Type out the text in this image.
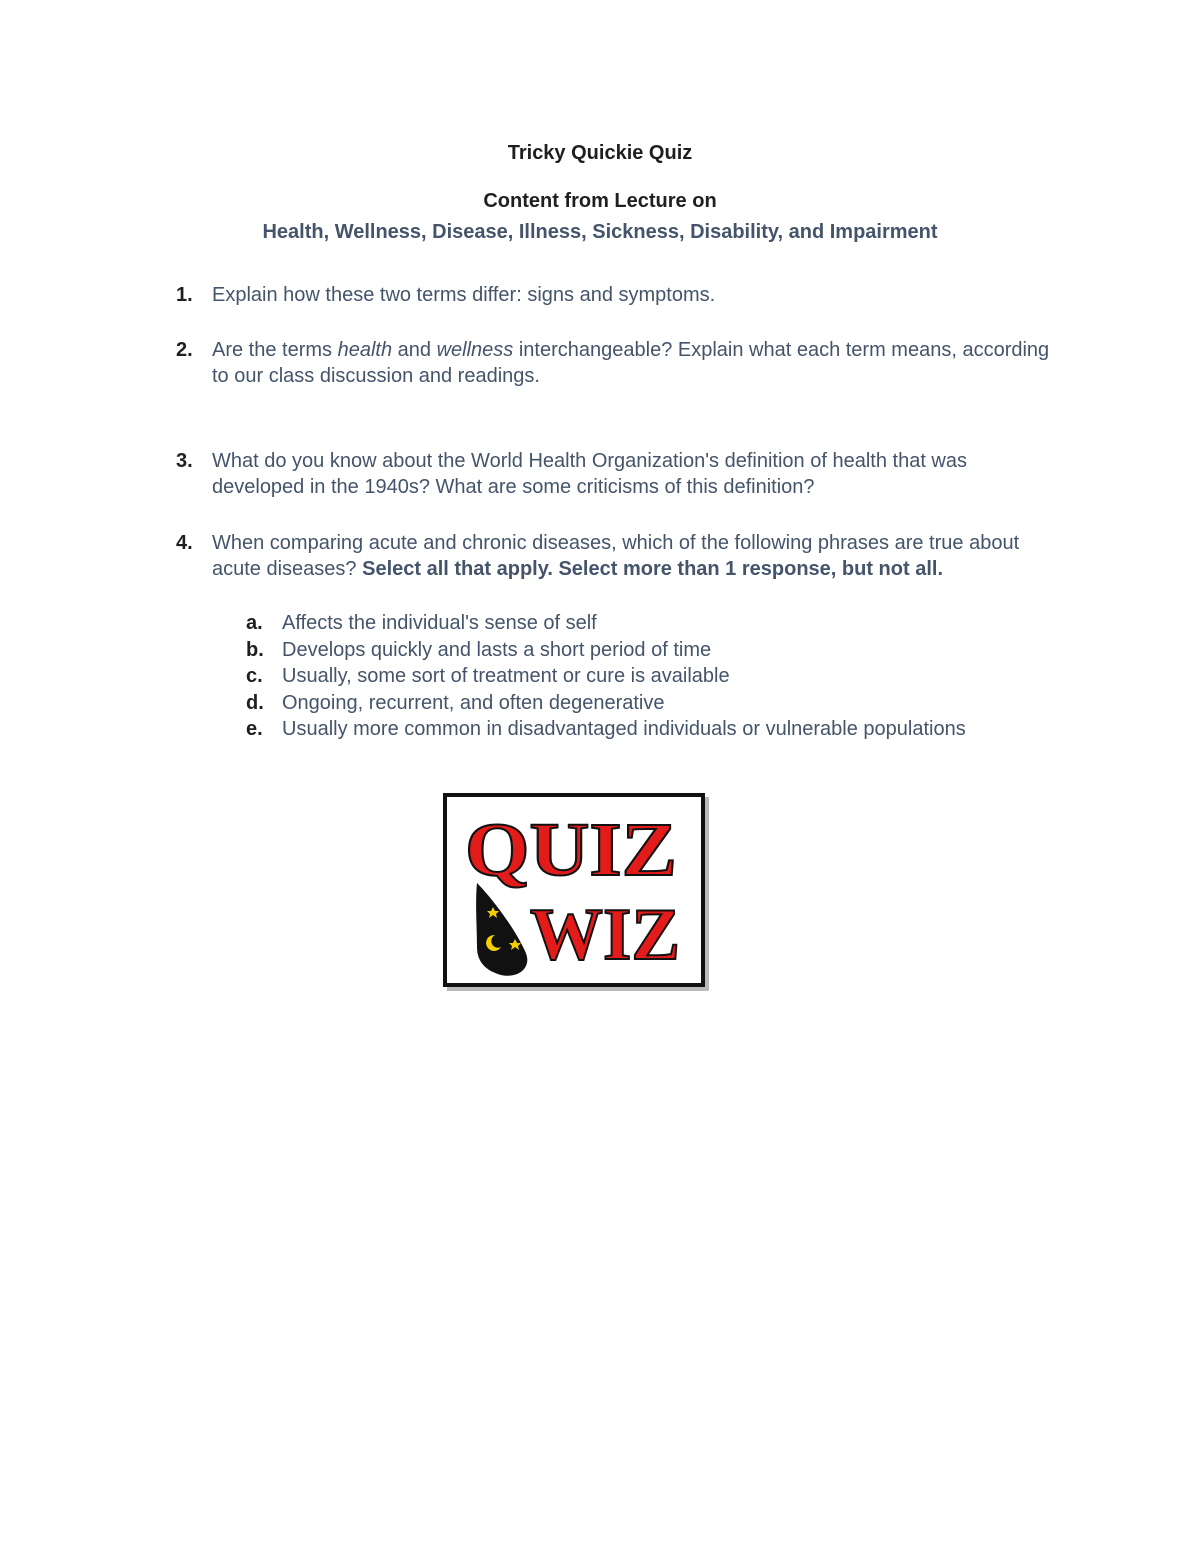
Tricky Quickie Quiz
Content from Lecture on
Health, Wellness, Disease, Illness, Sickness, Disability, and Impairment
1. Explain how these two terms differ: signs and symptoms.
2. Are the terms health and wellness interchangeable? Explain what each term means, according to our class discussion and readings.
3. What do you know about the World Health Organization's definition of health that was developed in the 1940s? What are some criticisms of this definition?
4. When comparing acute and chronic diseases, which of the following phrases are true about acute diseases? Select all that apply. Select more than 1 response, but not all.
a. Affects the individual's sense of self
b. Develops quickly and lasts a short period of time
c. Usually, some sort of treatment or cure is available
d. Ongoing, recurrent, and often degenerative
e. Usually more common in disadvantaged individuals or vulnerable populations
QUIZ
WIZ
